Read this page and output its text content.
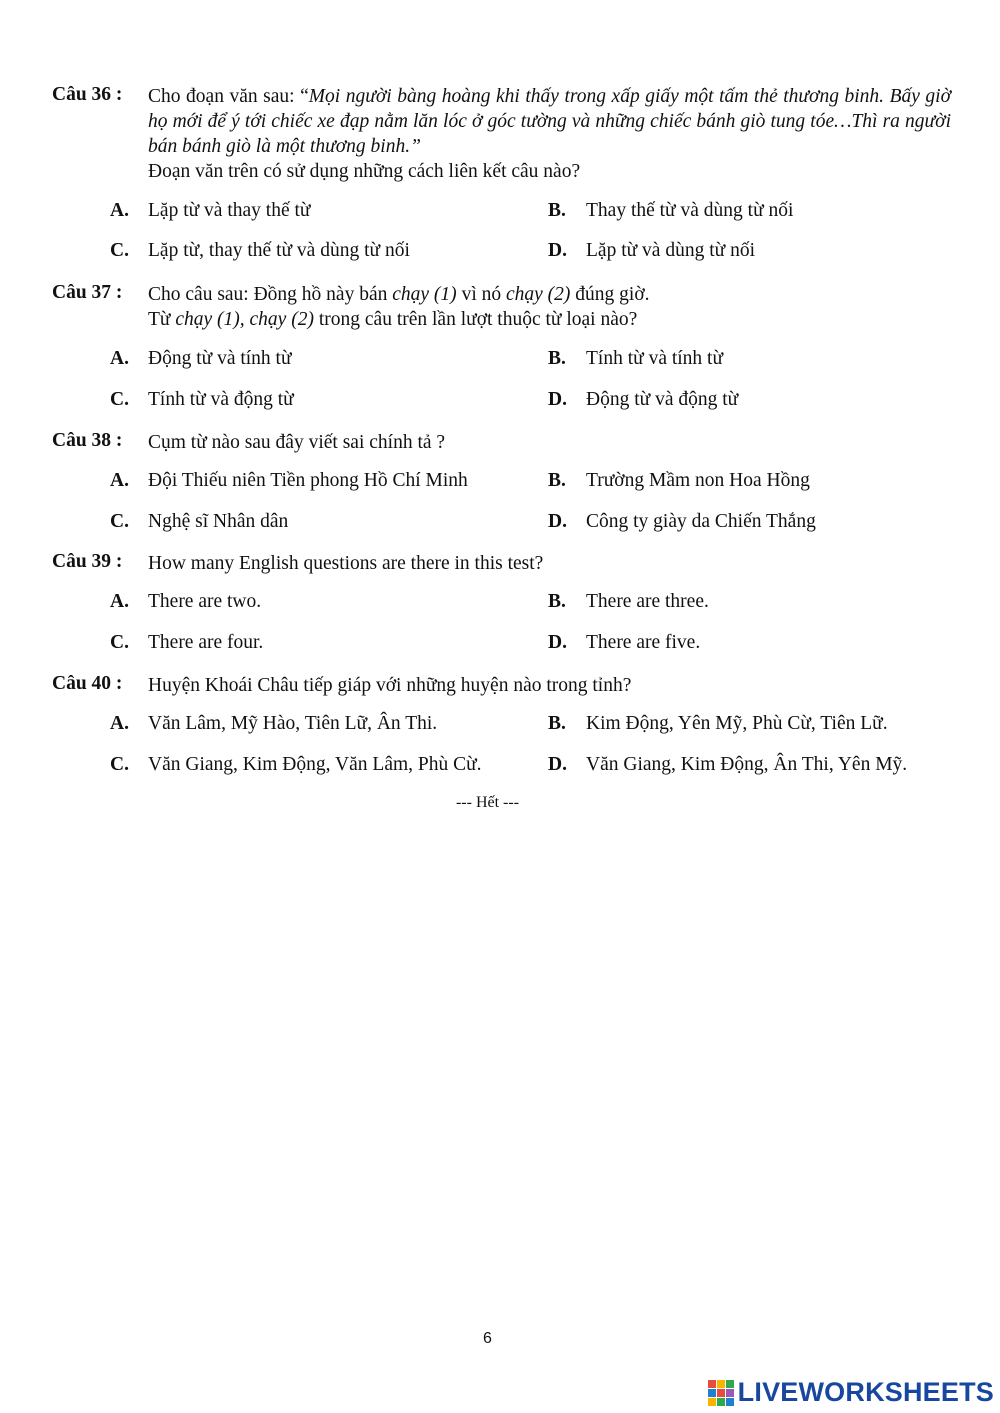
Câu 36 : Cho đoạn văn sau: “Mọi người bàng hoàng khi thấy trong xấp giấy một tấm thẻ thương binh. Bấy giờ họ mới để ý tới chiếc xe đạp nằm lăn lóc ở góc tường và những chiếc bánh giò tung tóe…Thì ra người bán bánh giò là một thương binh.”
Đoạn văn trên có sử dụng những cách liên kết câu nào?
A. Lặp từ và thay thế từ	B. Thay thế từ và dùng từ nối
C. Lặp từ, thay thế từ và dùng từ nối	D. Lặp từ và dùng từ nối
Câu 37 : Cho câu sau: Đồng hồ này bán chạy (1) vì nó chạy (2) đúng giờ.
Từ chạy (1), chạy (2) trong câu trên lần lượt thuộc từ loại nào?
A. Động từ và tính từ	B. Tính từ và tính từ
C. Tính từ và động từ	D. Động từ và động từ
Câu 38 : Cụm từ nào sau đây viết sai chính tả ?
A. Đội Thiếu niên Tiền phong Hồ Chí Minh	B. Trường Mầm non Hoa Hồng
C. Nghệ sĩ Nhân dân	D. Công ty giày da Chiến Thắng
Câu 39 : How many English questions are there in this test?
A. There are two.	B. There are three.
C. There are four.	D. There are five.
Câu 40 : Huyện Khoái Châu tiếp giáp với những huyện nào trong tỉnh?
A. Văn Lâm, Mỹ Hào, Tiên Lữ, Ân Thi.	B. Kim Động, Yên Mỹ, Phù Cừ, Tiên Lữ.
C. Văn Giang, Kim Động, Văn Lâm, Phù Cừ.	D. Văn Giang, Kim Động, Ân Thi, Yên Mỹ.
--- Hết ---
6
LIVEWORKSHEETS
